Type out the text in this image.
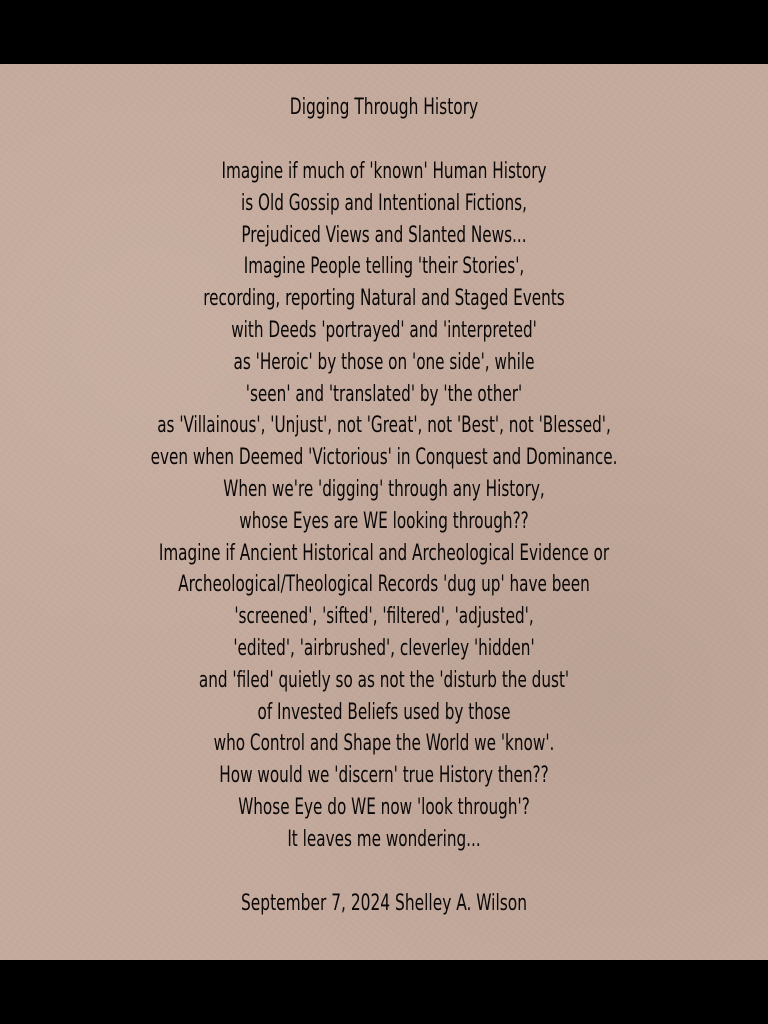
Digging Through History
Imagine if much of 'known' Human History
is Old Gossip and Intentional Fictions,
Prejudiced Views and Slanted News...
Imagine People telling 'their Stories',
recording, reporting Natural and Staged Events
with Deeds 'portrayed' and 'interpreted'
as 'Heroic' by those on 'one side', while
'seen' and 'translated' by 'the other'
as 'Villainous', 'Unjust', not 'Great', not 'Best', not 'Blessed',
even when Deemed 'Victorious' in Conquest and Dominance.
When we're 'digging' through any History,
whose Eyes are WE looking through??
Imagine if Ancient Historical and Archeological Evidence or
Archeological/Theological Records 'dug up' have been
'screened', 'sifted', 'filtered', 'adjusted',
'edited', 'airbrushed', cleverley 'hidden'
and 'filed' quietly so as not the 'disturb the dust'
of Invested Beliefs used by those
who Control and Shape the World we 'know'.
How would we 'discern' true History then??
Whose Eye do WE now 'look through'?
It leaves me wondering...
September 7, 2024 Shelley A. Wilson
